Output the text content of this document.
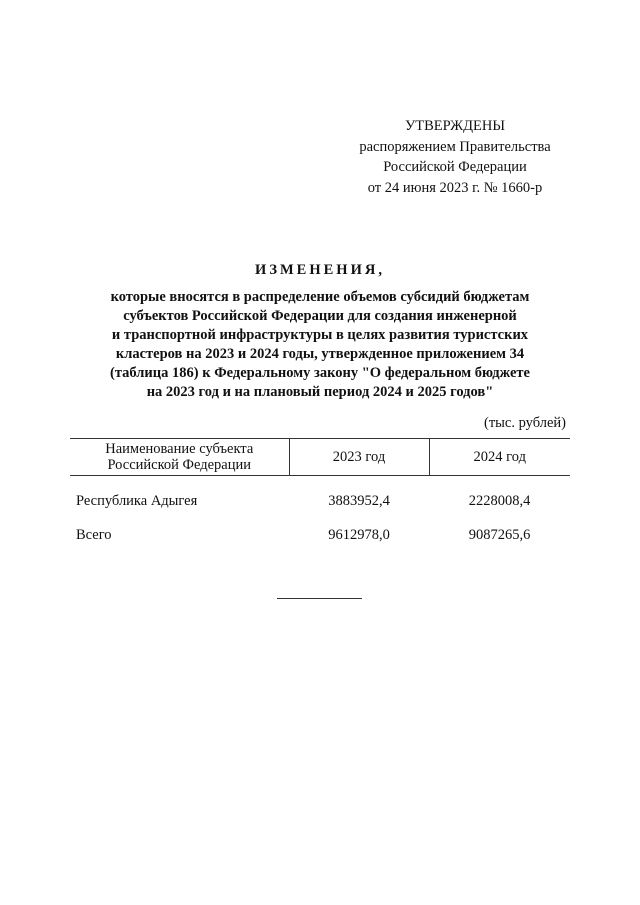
УТВЕРЖДЕНЫ
распоряжением Правительства
Российской Федерации
от 24 июня 2023 г. № 1660-р
ИЗМЕНЕНИЯ,
которые вносятся в распределение объемов субсидий бюджетам
субъектов Российской Федерации для создания инженерной
и транспортной инфраструктуры в целях развития туристских
кластеров на 2023 и 2024 годы, утвержденное приложением 34
(таблица 186) к Федеральному закону "О федеральном бюджете
на 2023 год и на плановый период 2024 и 2025 годов"
(тыс. рублей)
Наименование субъекта
Российской Федерации	2023 год	2024 год
Республика Адыгея	3883952,4	2228008,4
Всего	9612978,0	9087265,6
